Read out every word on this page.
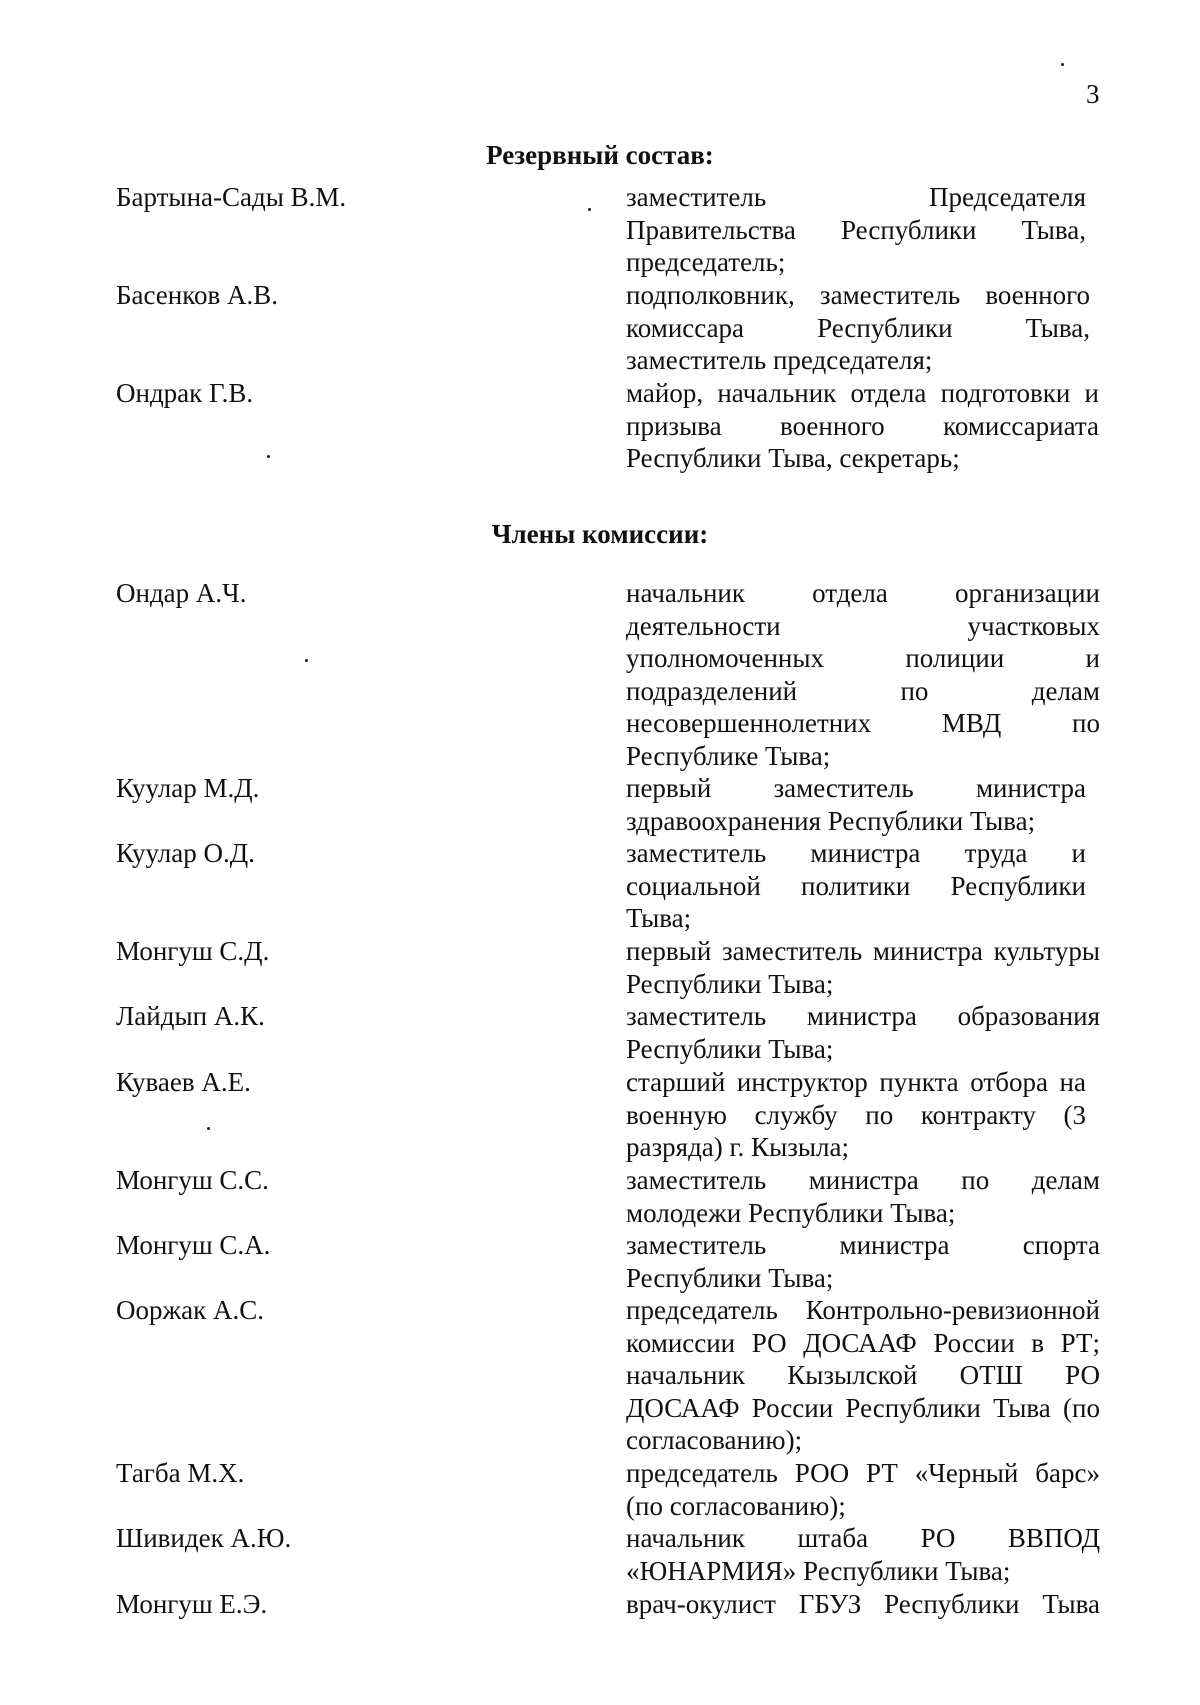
3
Резервный состав:
Бартына-Сады В.М.	заместитель Председателя Правительства Республики Тыва, председатель;
Басенков А.В.	подполковник, заместитель военного комиссара Республики Тыва, заместитель председателя;
Ондрак Г.В.	майор, начальник отдела подготовки и призыва военного комиссариата Республики Тыва, секретарь;
Члены комиссии:
Ондар А.Ч.	начальник отдела организации деятельности участковых уполномоченных полиции и подразделений по делам несовершеннолетних МВД по Республике Тыва;
Куулар М.Д.	первый заместитель министра здравоохранения Республики Тыва;
Куулар О.Д.	заместитель министра труда и социальной политики Республики Тыва;
Монгуш С.Д.	первый заместитель министра культуры Республики Тыва;
Лайдып А.К.	заместитель министра образования Республики Тыва;
Куваев А.Е.	старший инструктор пункта отбора на военную службу по контракту (3 разряда) г. Кызыла;
Монгуш С.С.	заместитель министра по делам молодежи Республики Тыва;
Монгуш С.А.	заместитель министра спорта Республики Тыва;
Ооржак А.С.	председатель Контрольно-ревизионной комиссии РО ДОСААФ России в РТ; начальник Кызылской ОТШ РО ДОСААФ России Республики Тыва (по согласованию);
Тагба М.Х.	председатель РОО РТ «Черный барс» (по согласованию);
Шивидек А.Ю.	начальник штаба РО ВВПОД «ЮНАРМИЯ» Республики Тыва;
Монгуш Е.Э.	врач-окулист ГБУЗ Республики Тыва
